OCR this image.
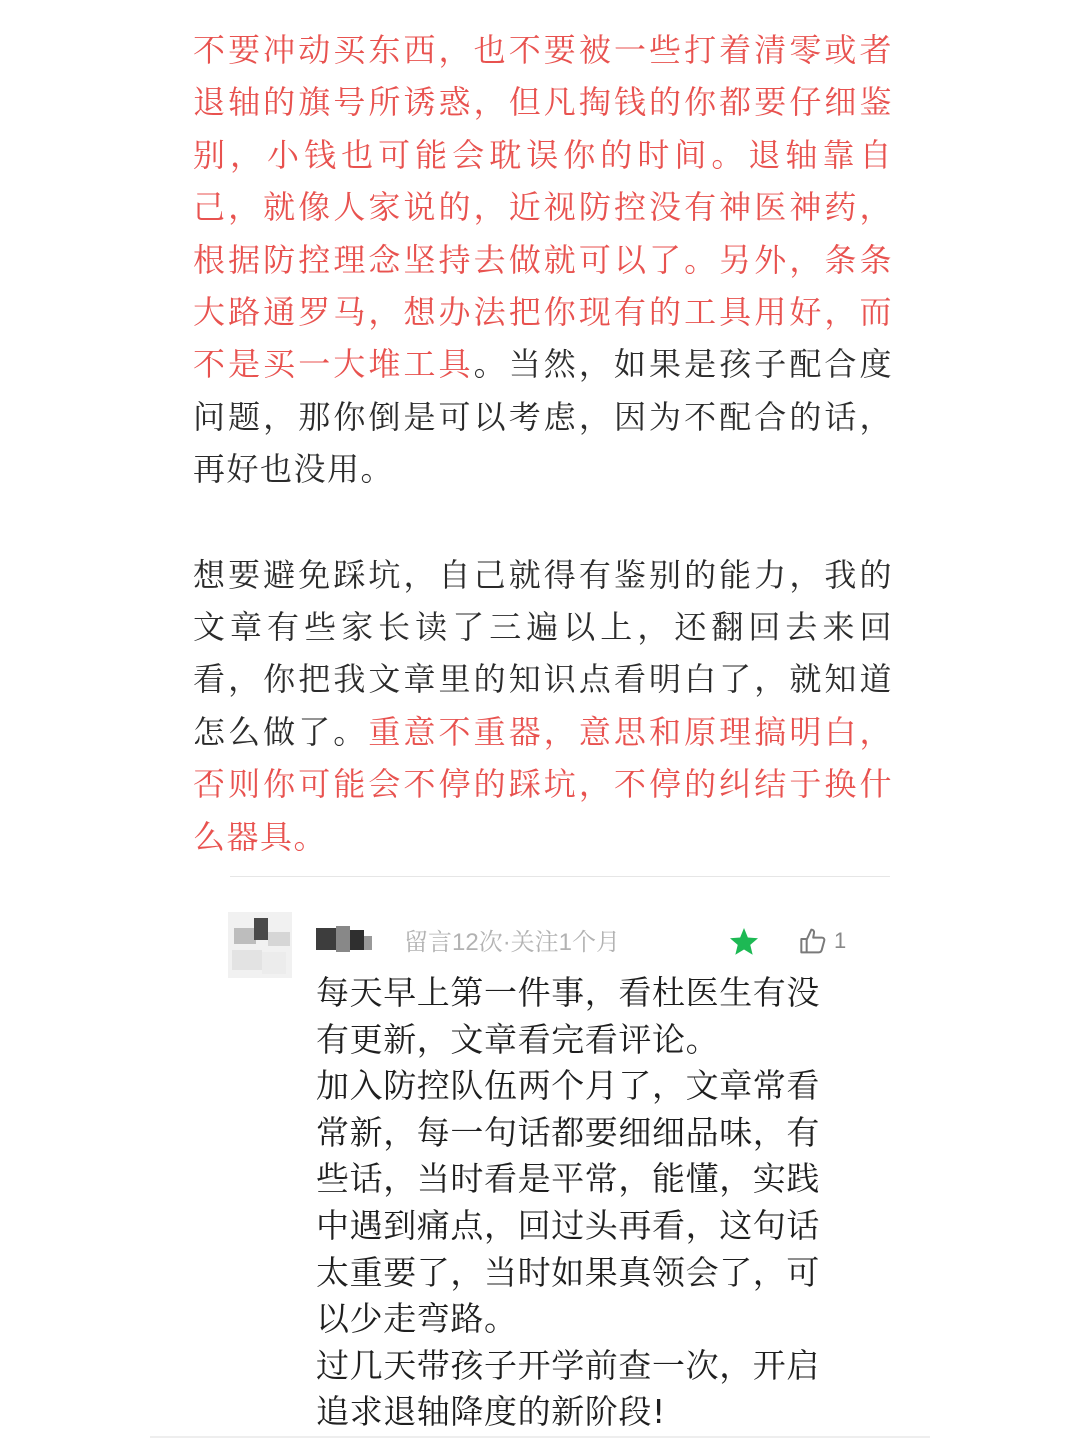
不要冲动买东西，也不要被一些打着清零或者退轴的旗号所诱惑，但凡掏钱的你都要仔细鉴别，小钱也可能会耽误你的时间。退轴靠自己，就像人家说的，近视防控没有神医神药，根据防控理念坚持去做就可以了。另外，条条大路通罗马，想办法把你现有的工具用好，而不是买一大堆工具。当然，如果是孩子配合度问题，那你倒是可以考虑，因为不配合的话，再好也没用。

想要避免踩坑，自己就得有鉴别的能力，我的文章有些家长读了三遍以上，还翻回去来回看，你把我文章里的知识点看明白了，就知道怎么做了。重意不重器，意思和原理搞明白，否则你可能会不停的踩坑，不停的纠结于换什么器具。

留言12次·关注1个月	1

每天早上第一件事，看杜医生有没有更新，文章看完看评论。

加入防控队伍两个月了，文章常看常新，每一句话都要细细品味，有些话，当时看是平常，能懂，实践中遇到痛点，回过头再看，这句话太重要了，当时如果真领会了，可以少走弯路。

过几天带孩子开学前查一次，开启追求退轴降度的新阶段!
